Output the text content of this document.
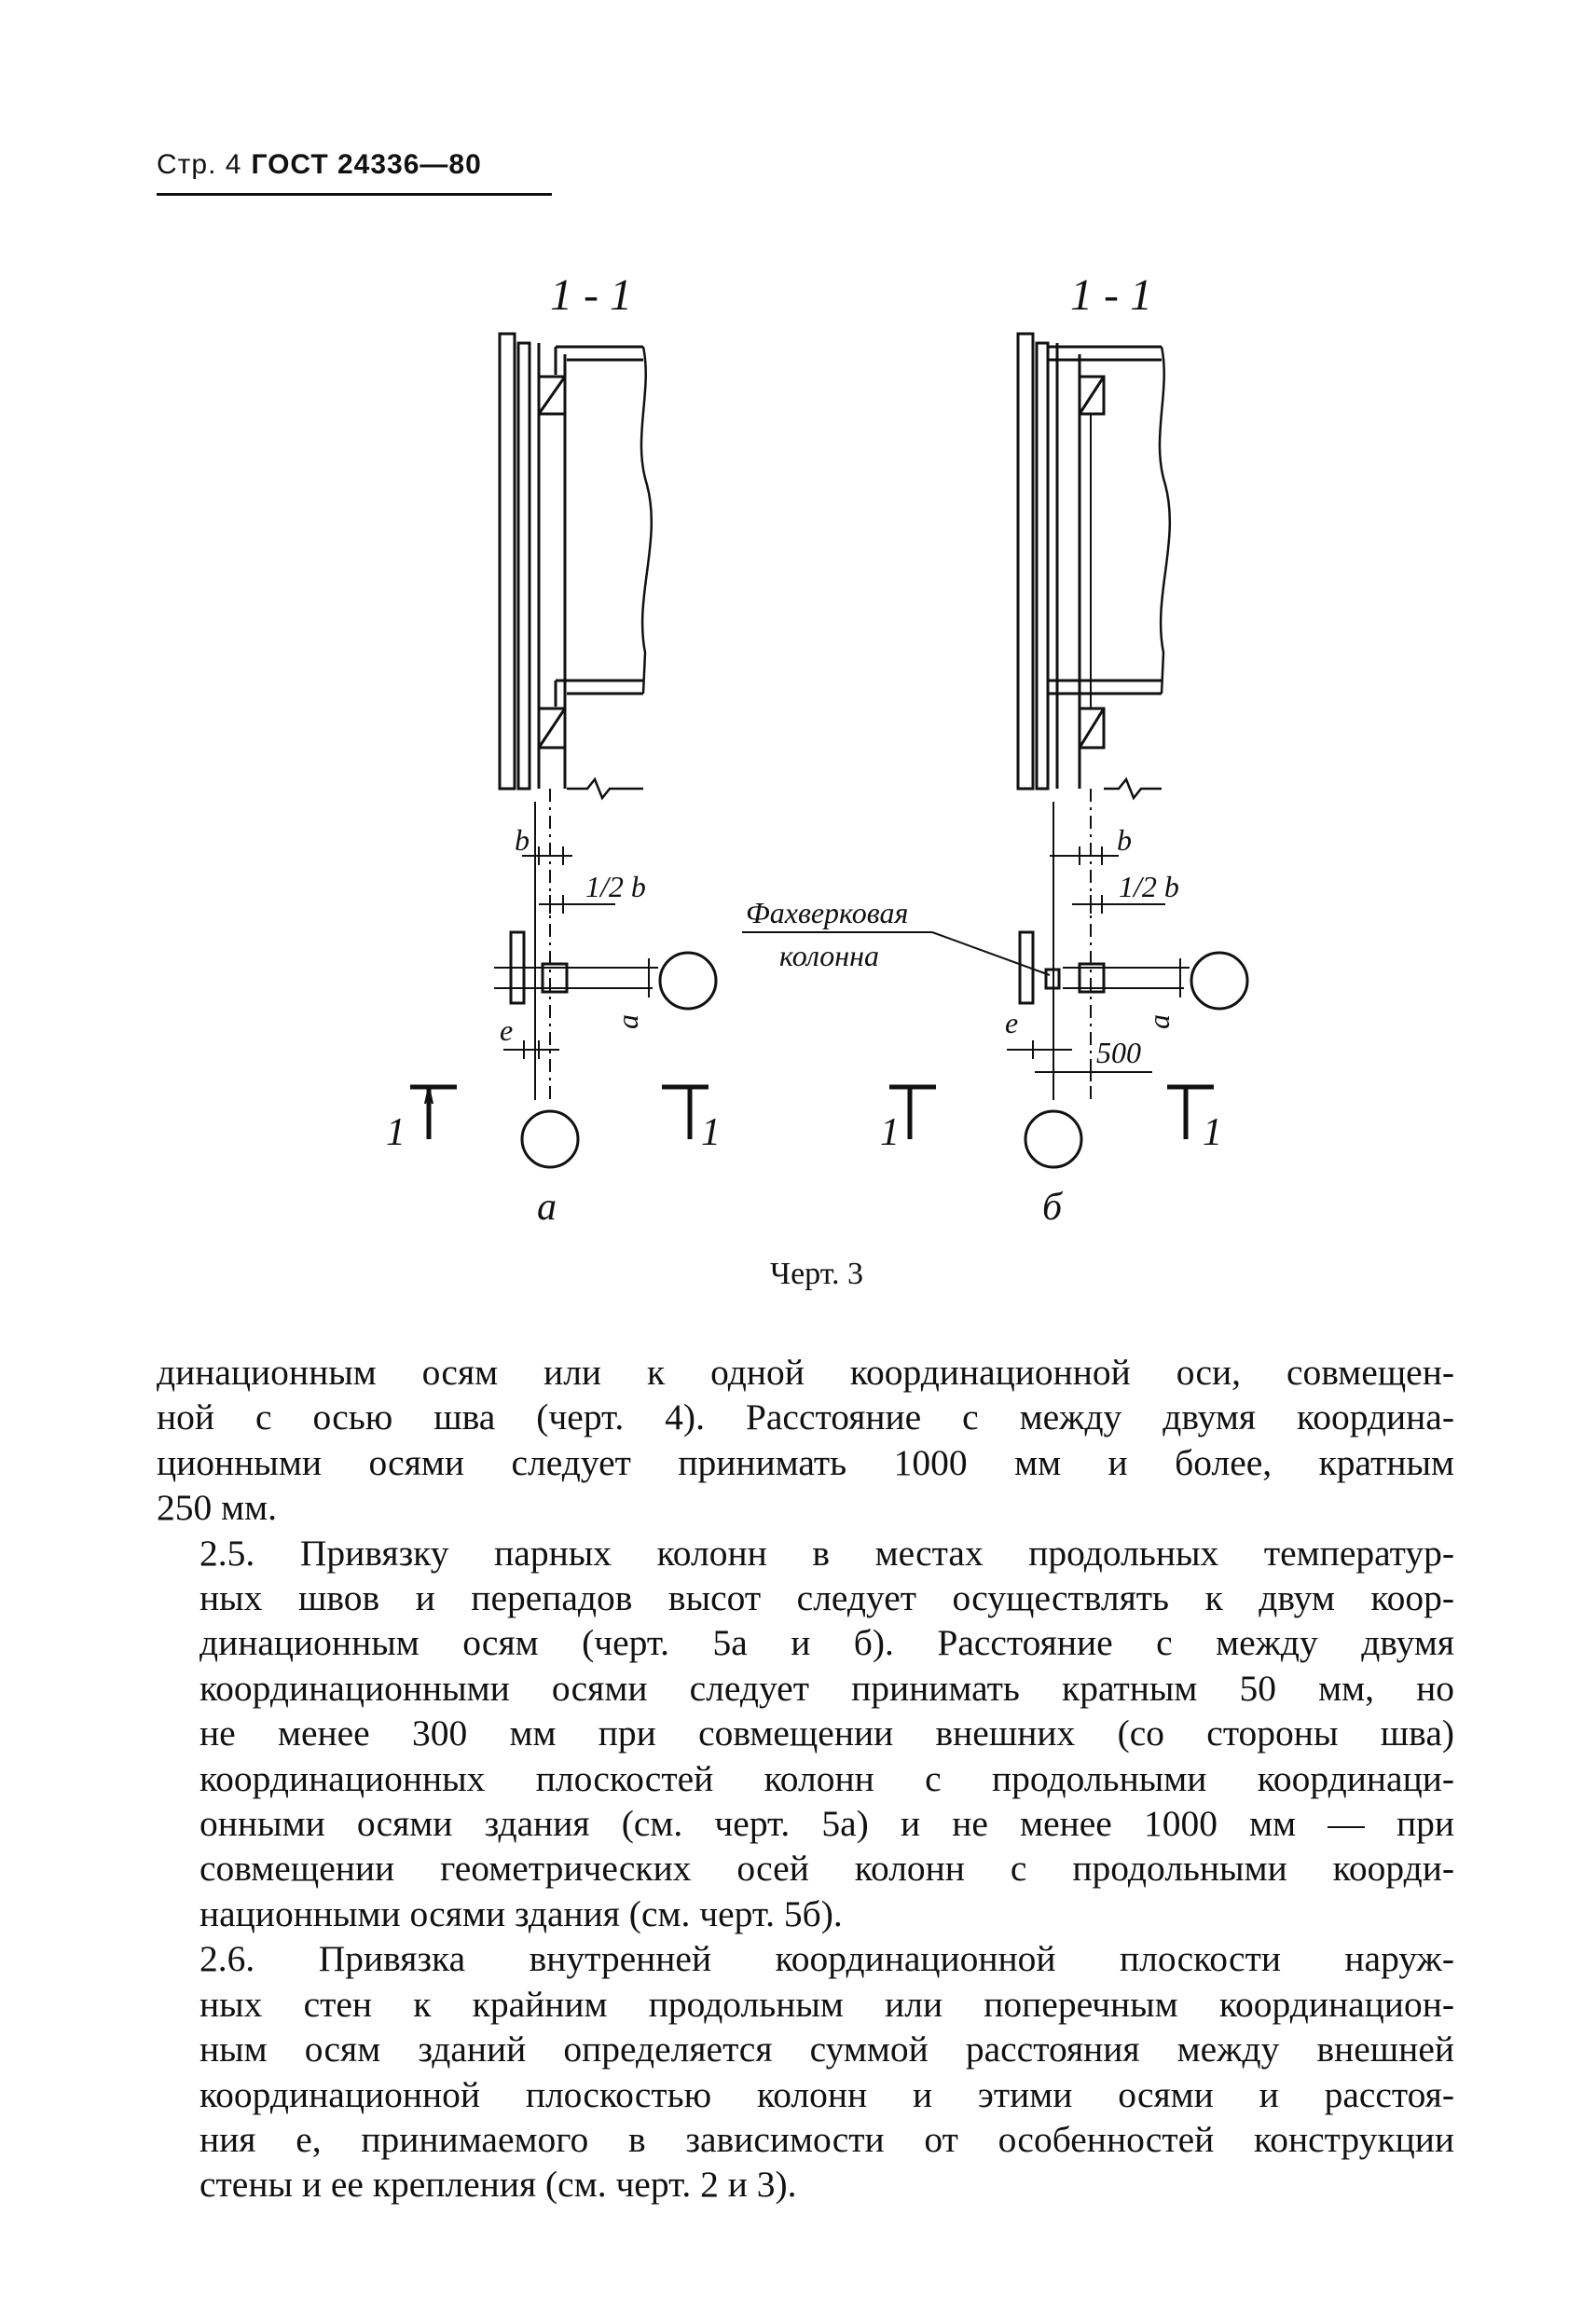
Стр. 4 ГОСТ 24336—80
1 - 1
b
1/2 b
a
e
1	1
а
1 - 1
b
1/2 b
a
Фахверковая
колонна
e
500
1	1
б
Черт. 3

динационным осям или к одной координационной оси, совмещен-
ной с осью шва (черт. 4). Расстояние c между двумя координа-
ционными осями следует принимать 1000 мм и более, кратным
250 мм.

2.5. Привязку парных колонн в местах продольных температур-
ных швов и перепадов высот следует осуществлять к двум коор-
динационным осям (черт. 5а и б). Расстояние c между двумя
координационными осями следует принимать кратным 50 мм, но
не менее 300 мм при совмещении внешних (со стороны шва)
координационных плоскостей колонн с продольными координаци-
онными осями здания (см. черт. 5а) и не менее 1000 мм — при
совмещении геометрических осей колонн с продольными коорди-
национными осями здания (см. черт. 5б).

2.6. Привязка внутренней координационной плоскости наруж-
ных стен к крайним продольным или поперечным координацион-
ным осям зданий определяется суммой расстояния между внешней
координационной плоскостью колонн и этими осями и расстоя-
ния e, принимаемого в зависимости от особенностей конструкции
стены и ее крепления (см. черт. 2 и 3).
